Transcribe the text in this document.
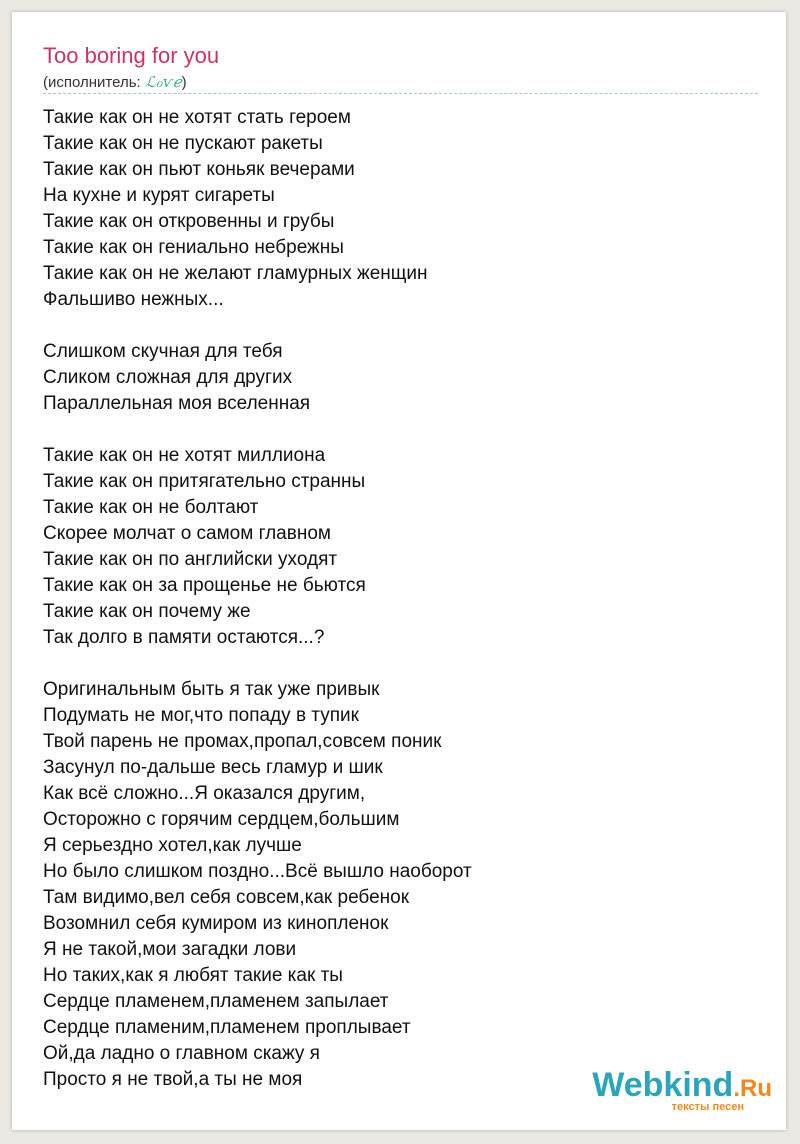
Too boring for you
(исполнитель: ℒℴѵℯ)
Такие как он не хотят стать героем
Такие как он не пускают ракеты
Такие как он пьют коньяк вечерами
На кухне и курят сигареты
Такие как он откровенны и грубы
Такие как он гениально небрежны
Такие как он не желают гламурных женщин
Фальшиво нежных...
Слишком скучная для тебя
Сликом сложная для других
Параллельная моя вселенная
Такие как он не хотят миллиона
Такие как он притягательно странны
Такие как он не болтают
Скорее молчат о самом главном
Такие как он по английски уходят
Такие как он за прощенье не бьются
Такие как он почему же
Так долго в памяти остаются...?
Оригинальным быть я так уже привык
Подумать не мог,что попаду в тупик
Твой парень не промах,пропал,совсем поник
Засунул по-дальше весь гламур и шик
Как всё сложно...Я оказался другим,
Осторожно с горячим сердцем,большим
Я серьездно хотел,как лучше
Но было слишком поздно...Всё вышло наоборот
Там видимо,вел себя совсем,как ребенок
Возомнил себя кумиром из кинопленок
Я не такой,мои загадки лови
Но таких,как я любят такие как ты
Сердце пламенем,пламенем запылает
Сердце пламеним,пламенем проплывает
Ой,да ладно о главном скажу я
Просто я не твой,а ты не моя	Webkind.Ru
тексты песен
